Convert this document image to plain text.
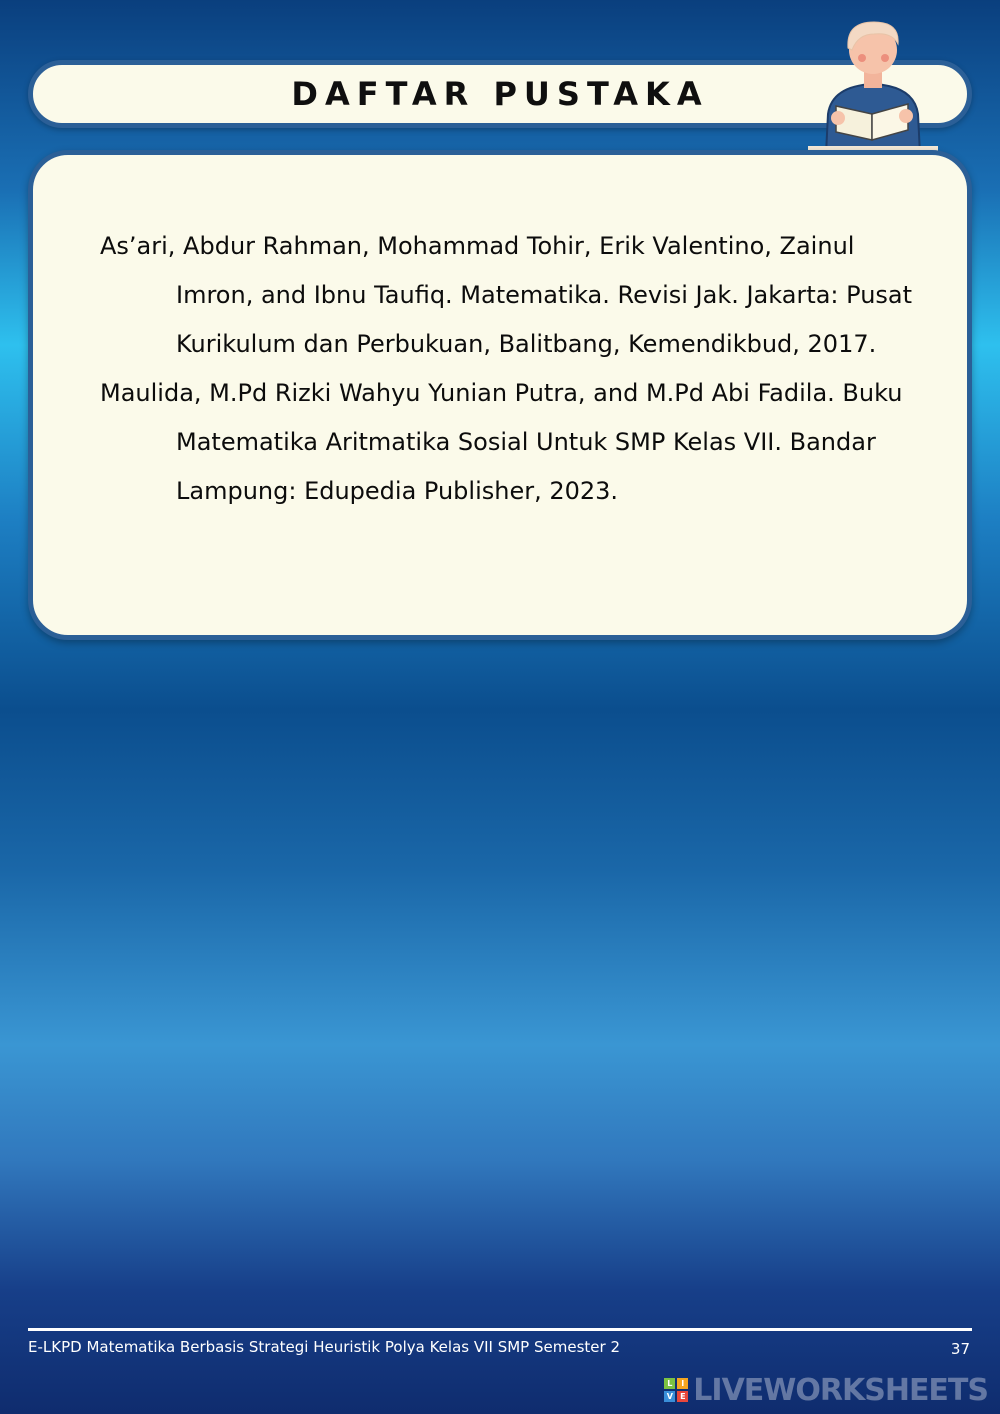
DAFTAR PUSTAKA

As’ari, Abdur Rahman, Mohammad Tohir, Erik Valentino, Zainul Imron, and Ibnu Taufiq. Matematika. Revisi Jak. Jakarta: Pusat Kurikulum dan Perbukuan, Balitbang, Kemendikbud, 2017.

Maulida, M.Pd Rizki Wahyu Yunian Putra, and M.Pd Abi Fadila. Buku Matematika Aritmatika Sosial Untuk SMP Kelas VII. Bandar Lampung: Edupedia Publisher, 2023.

E-LKPD Matematika Berbasis Strategi Heuristik Polya Kelas VII SMP Semester 2	37
L	I
V E LIVEWORKSHEETS
